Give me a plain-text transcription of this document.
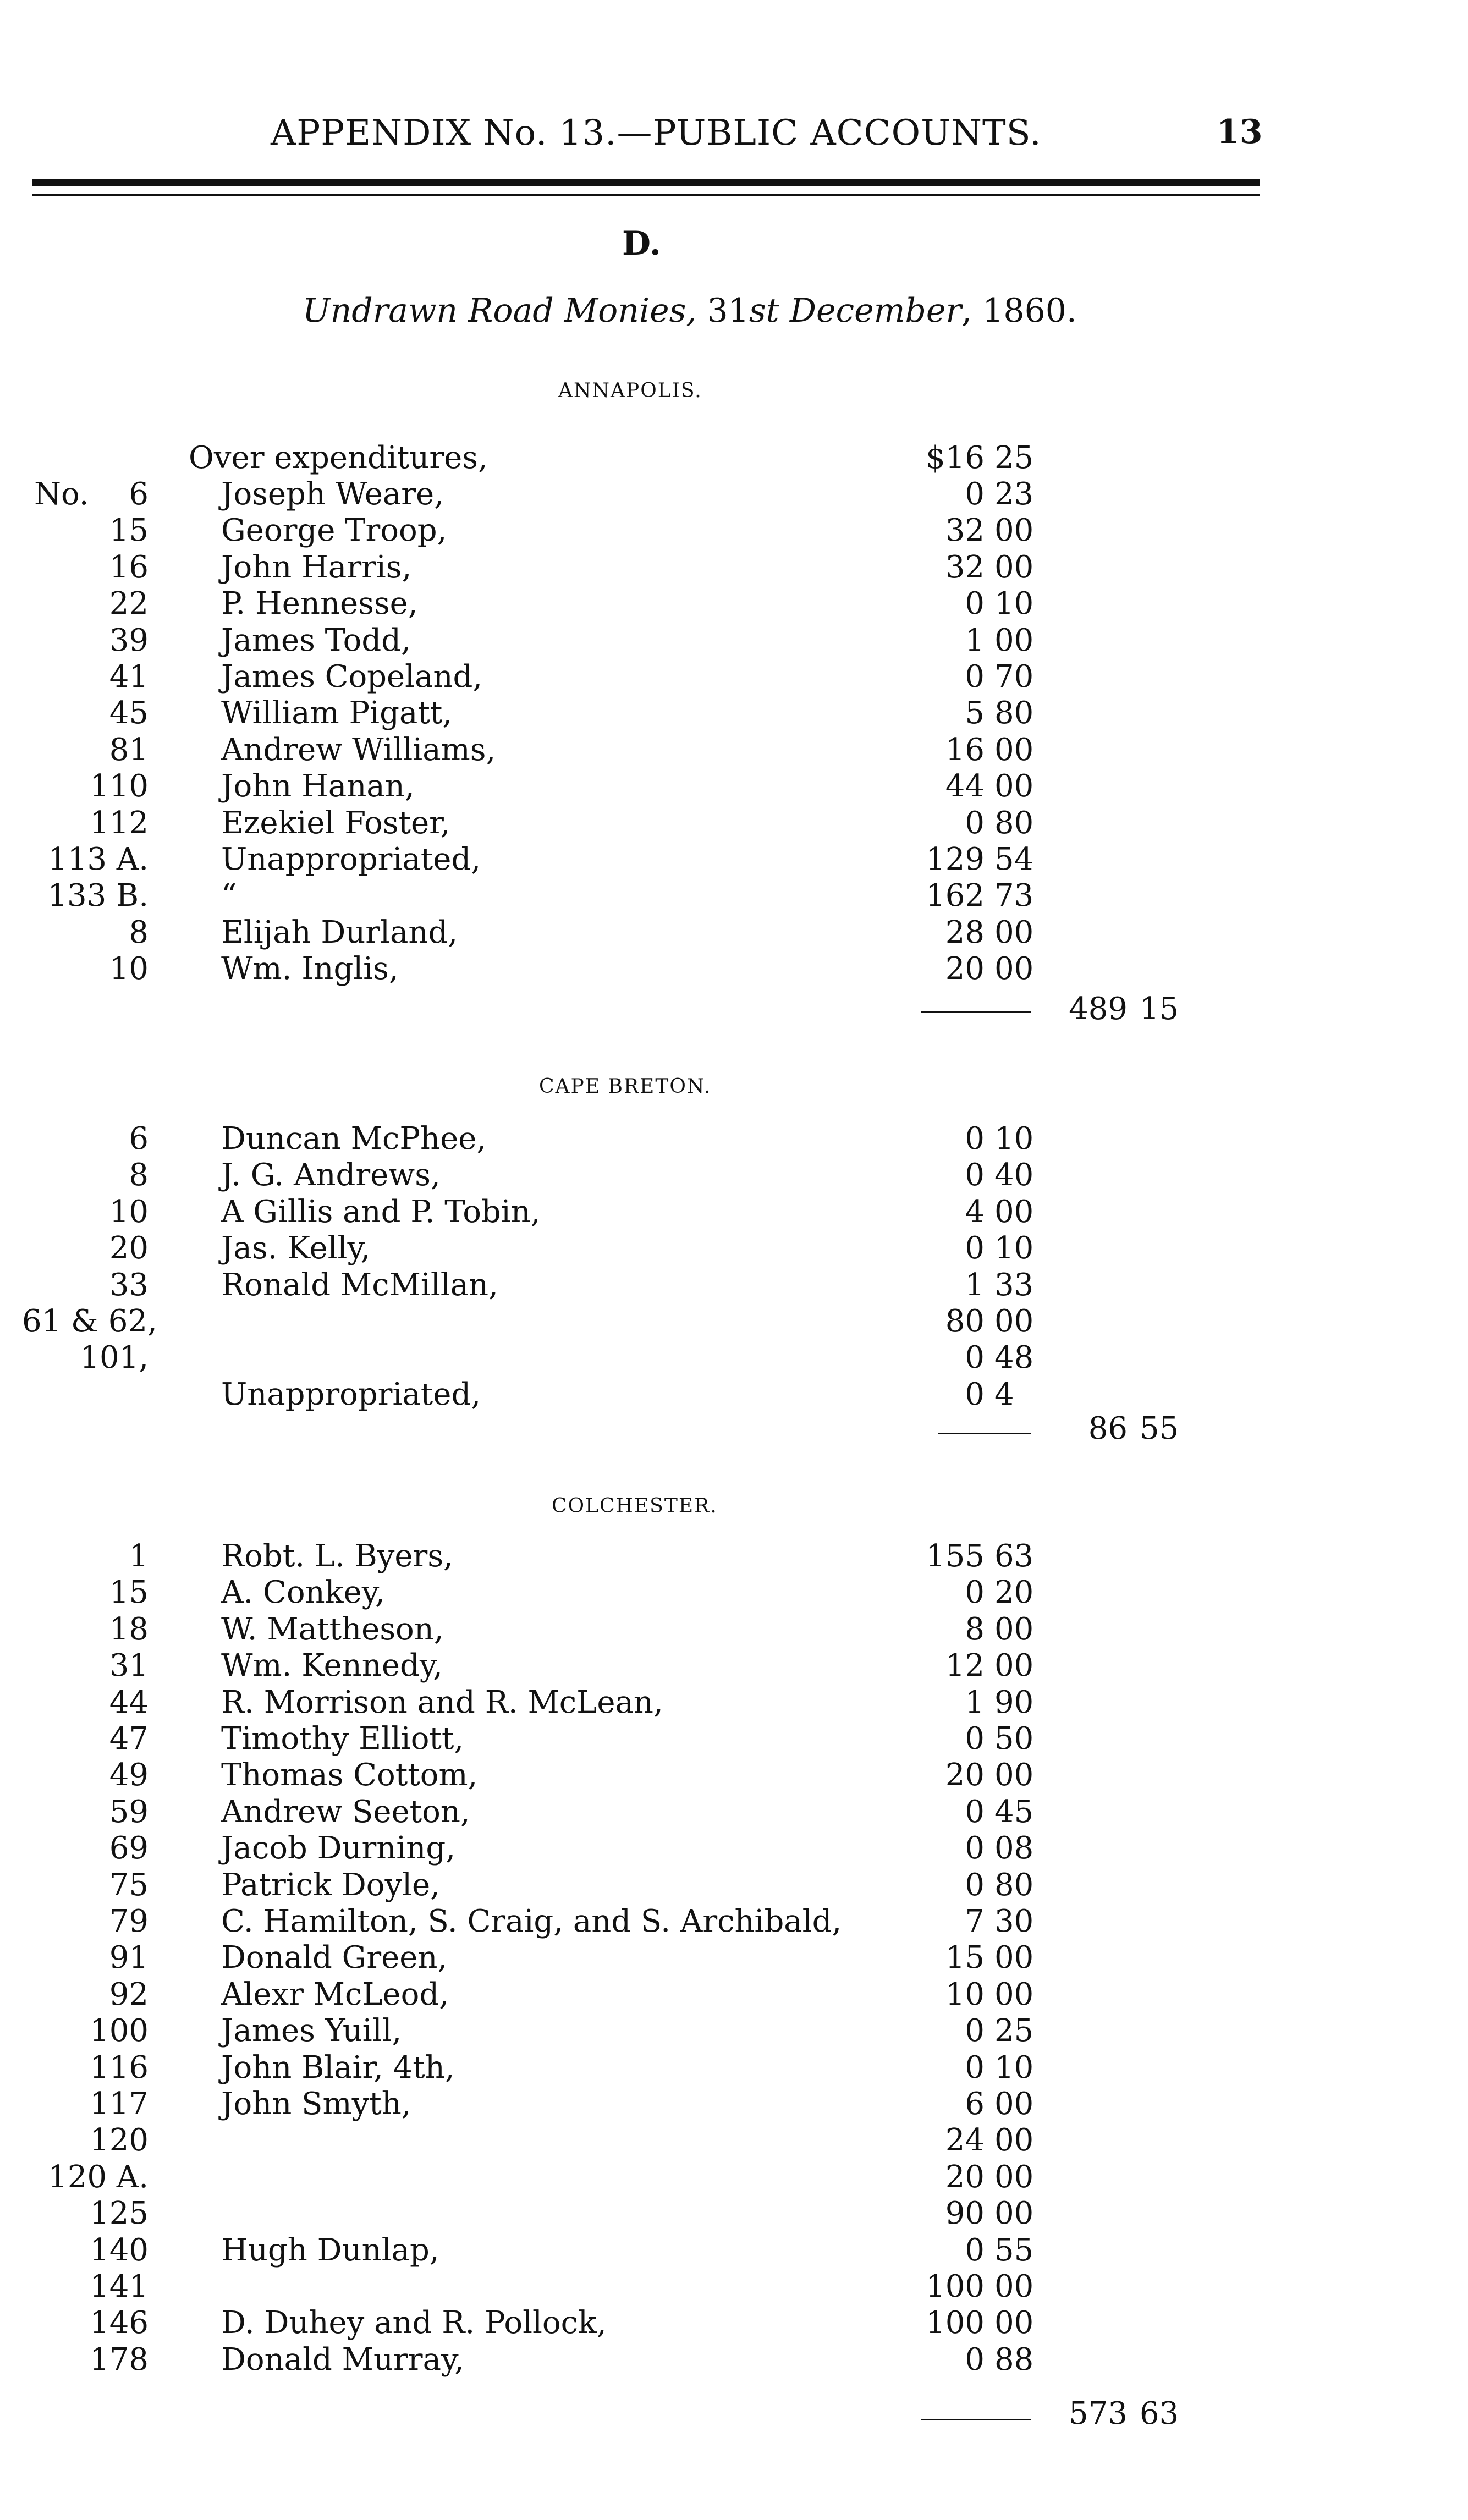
APPENDIX No. 13.—PUBLIC ACCOUNTS.	13
D.
Undrawn Road Monies, 31st December, 1860.
ANNAPOLIS.
Over expenditures,	$16 25
No.	6 Joseph Weare,	0 23
15 George Troop,	32 00
16 John Harris,	32 00
22 P. Hennesse,	0 10
39 James Todd,	1 00
41 James Copeland,	0 70
45 William Pigatt,	5 80
81 Andrew Williams,	16 00
110 John Hanan,	44 00
112 Ezekiel Foster,	0 80
113 A. Unappropriated,	129 54
133 B. “	162 73
8 Elijah Durland,	28 00
10 Wm. Inglis,	20 00
489 15
CAPE BRETON.
6 Duncan McPhee,	0 10
8 J. G. Andrews,	0 40
10 A Gillis and P. Tobin,	4 00
20 Jas. Kelly,	0 10
33 Ronald McMillan,	1 33
61 & 62,	80 00
101,	0 48
Unappropriated,	0 4
86 55
COLCHESTER.
1 Robt. L. Byers,	155 63
15 A. Conkey,	0 20
18 W. Mattheson,	8 00
31 Wm. Kennedy,	12 00
44 R. Morrison and R. McLean,	1 90
47 Timothy Elliott,	0 50
49 Thomas Cottom,	20 00
59 Andrew Seeton,	0 45
69 Jacob Durning,	0 08
75 Patrick Doyle,	0 80
79 C. Hamilton, S. Craig, and S. Archibald,	7 30
91 Donald Green,	15 00
92 Alexr McLeod,	10 00
100 James Yuill,	0 25
116 John Blair, 4th,	0 10
117 John Smyth,	6 00
120	24 00
120 A.	20 00
125	90 00
140 Hugh Dunlap,	0 55
141	100 00
146 D. Duhey and R. Pollock,	100 00
178 Donald Murray,	0 88
573 63
